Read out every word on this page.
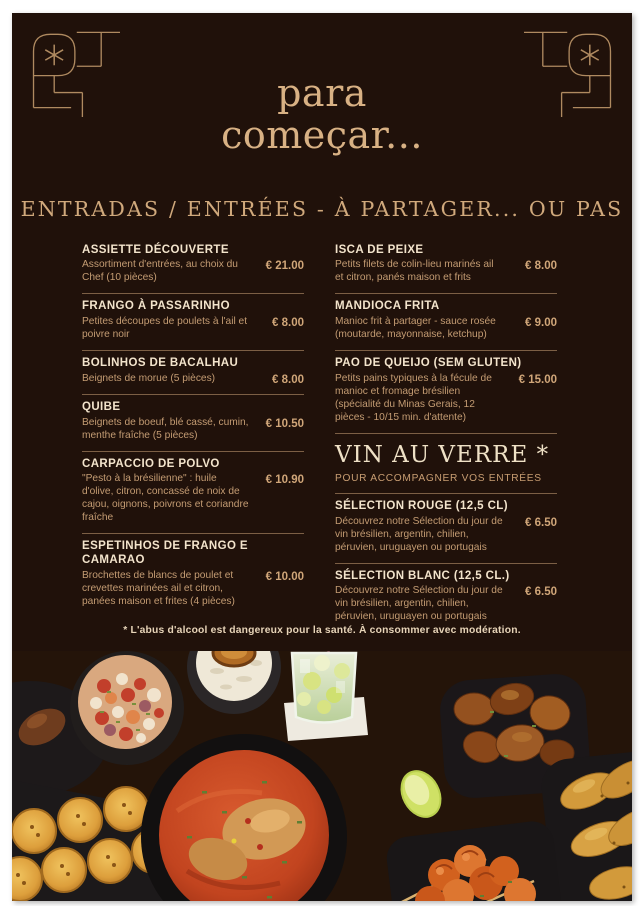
para
começar...
ENTRADAS / ENTRÉES - À PARTAGER... OU PAS
ASSIETTE DÉCOUVERTE
Assortiment d'entrées, au choix du Chef (10 pièces)
€ 21.00
FRANGO À PASSARINHO
Petites découpes de poulets à l'ail et poivre noir
€ 8.00
BOLINHOS DE BACALHAU
Beignets de morue (5 pièces)	€ 8.00
QUIBE
Beignets de boeuf, blé cassé, cumin, menthe fraîche (5 pièces)
€ 10.50
CARPACCIO DE POLVO
"Pesto à la brésilienne" : huile d'olive, citron, concassé de noix de cajou, oignons, poivrons et coriandre fraîche
€ 10.90
ESPETINHOS DE FRANGO E CAMARAO
Brochettes de blancs de poulet et crevettes marinées ail et citron, panées maison et frites (4 pièces)
€ 10.00
ISCA DE PEIXE
Petits filets de colin-lieu marinés ail et citron, panés maison et frits
€ 8.00
MANDIOCA FRITA
Manioc frit à partager - sauce rosée (moutarde, mayonnaise, ketchup)
€ 9.00
PAO DE QUEIJO (SEM GLUTEN)
Petits pains typiques à la fécule de manioc et fromage brésilien (spécialité du Minas Gerais, 12 pièces - 10/15 min. d'attente)
€ 15.00
VIN AU VERRE *
POUR ACCOMPAGNER VOS ENTRÉES
SÉLECTION ROUGE (12,5 CL)
Découvrez notre Sélection du jour de vin brésilien, argentin, chilien, péruvien, uruguayen ou portugais
€ 6.50
SÉLECTION BLANC (12,5 CL.)
Découvrez notre Sélection du jour de vin brésilien, argentin, chilien, péruvien, uruguayen ou portugais
€ 6.50
* L'abus d'alcool est dangereux pour la santé. À consommer avec modération.
